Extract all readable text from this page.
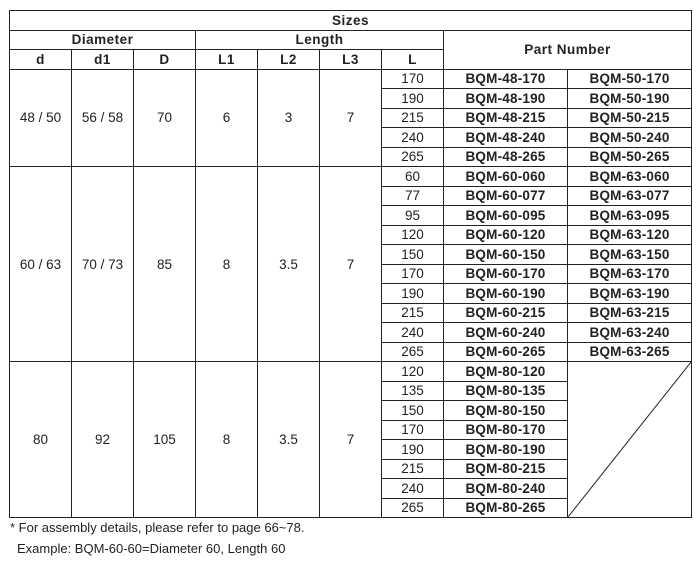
Sizes								
Diameter			Length				Part Number	
d	d1	D	L1	L2	L3	L		
48 / 50	56 / 58	70	6	3	7	170	BQM-48-170	BQM-50-170
						190	BQM-48-190	BQM-50-190
						215	BQM-48-215	BQM-50-215
						240	BQM-48-240	BQM-50-240
						265	BQM-48-265	BQM-50-265
60 / 63	70 / 73	85	8	3.5	7	60	BQM-60-060	BQM-63-060
						77	BQM-60-077	BQM-63-077
						95	BQM-60-095	BQM-63-095
						120	BQM-60-120	BQM-63-120
						150	BQM-60-150	BQM-63-150
						170	BQM-60-170	BQM-63-170
						190	BQM-60-190	BQM-63-190
						215	BQM-60-215	BQM-63-215
						240	BQM-60-240	BQM-63-240
						265	BQM-60-265	BQM-63-265
80	92	105	8	3.5	7	120	BQM-80-120	

						135	BQM-80-135	
						150	BQM-80-150	
						170	BQM-80-170	
						190	BQM-80-190	
						215	BQM-80-215	
						240	BQM-80-240	
						265	BQM-80-265	
* For assembly details, please refer to page 66~78.
Example: BQM-60-60=Diameter 60, Length 60
